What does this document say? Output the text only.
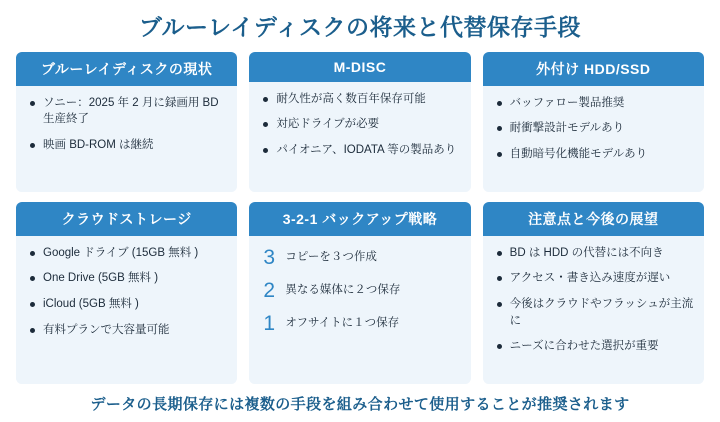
ブルーレイディスクの将来と代替保存手段
ブルーレイディスクの現状
ソニー：2025 年 2 月に録画用 BD 生産終了
映画 BD-ROM は継続
M-DISC
耐久性が高く数百年保存可能
対応ドライブが必要
パイオニア、IODATA 等の製品あり
外付け HDD/SSD
バッファロー製品推奨
耐衝撃設計モデルあり
自動暗号化機能モデルあり
クラウドストレージ
Google ドライブ (15GB 無料 )
One Drive (5GB 無料 )
iCloud (5GB 無料 )
有料プランで大容量可能
3-2-1 バックアップ戦略
3 コピーを３つ作成
2 異なる媒体に２つ保存
1 オフサイトに１つ保存
注意点と今後の展望
BD は HDD の代替には不向き
アクセス・書き込み速度が遅い
今後はクラウドやフラッシュが主流に
ニーズに合わせた選択が重要
データの長期保存には複数の手段を組み合わせて使用することが推奨されます
